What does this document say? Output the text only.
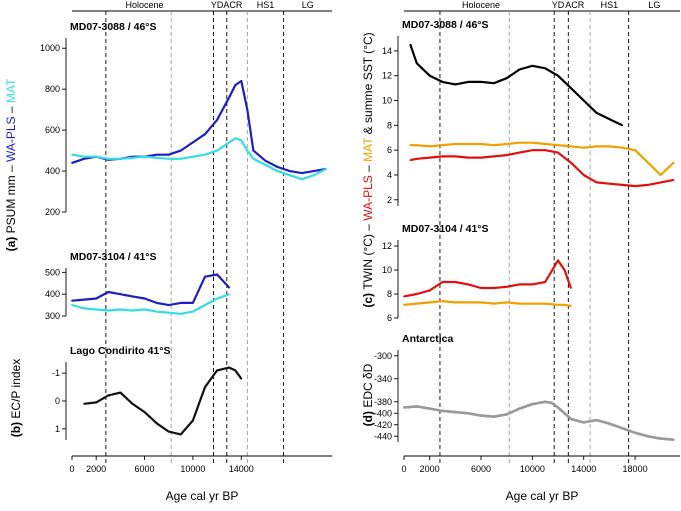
Holocene	YD ACR HS1	LG
0 2000	6000	10000	14000
Age cal yr BP
Holocene	YD ACR HS1	LG
0 2000	6000	10000	14000	18000
Age cal yr BP
200
400
600
800
1000
MD07-3088 / 46°S
300
400
500
MD07-3104 / 41°S
1
0
-1
Lago Condirito 41°S
2
4
6
8
10
12
14
MD07-3088 / 46°S
6
8
10
12
MD07-3104 / 41°S
-300
-340
-380
-400
-420
-440
Antarctica
(a) PSUM mm – WA-PLS – MAT
(b) EC/P index
(c) TWIN (°C) – WA-PLS – MAT & summe SST (°C)
(d) EDC δD
